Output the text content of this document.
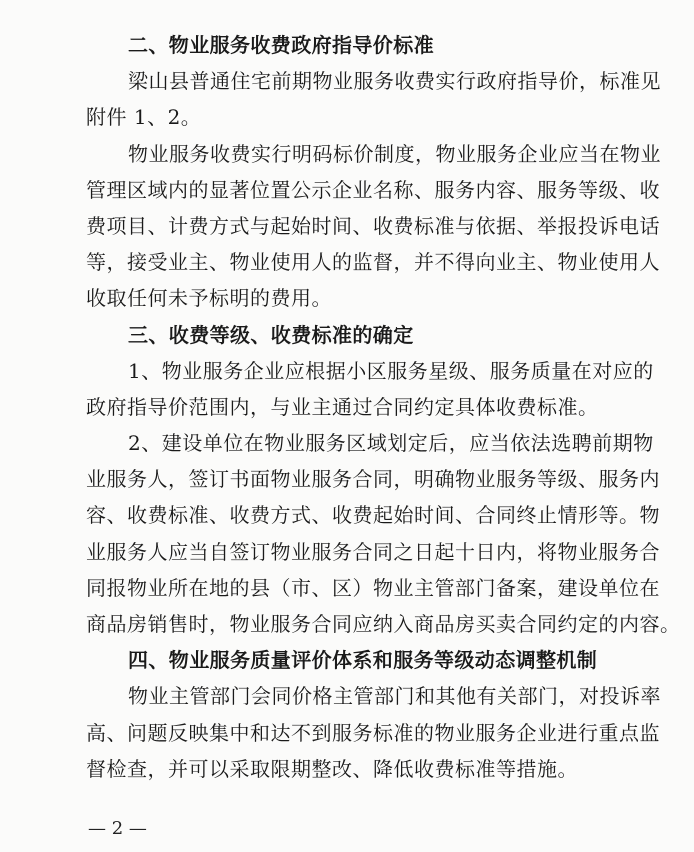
二、物业服务收费政府指导价标准
梁山县普通住宅前期物业服务收费实行政府指导价，标准见
附件 1、2。
物业服务收费实行明码标价制度，物业服务企业应当在物业
管理区域内的显著位置公示企业名称、服务内容、服务等级、收
费项目、计费方式与起始时间、收费标准与依据、举报投诉电话
等，接受业主、物业使用人的监督，并不得向业主、物业使用人
收取任何未予标明的费用。
三、收费等级、收费标准的确定
1、物业服务企业应根据小区服务星级、服务质量在对应的
政府指导价范围内，与业主通过合同约定具体收费标准。
2、建设单位在物业服务区域划定后，应当依法选聘前期物
业服务人，签订书面物业服务合同，明确物业服务等级、服务内
容、收费标准、收费方式、收费起始时间、合同终止情形等。物
业服务人应当自签订物业服务合同之日起十日内，将物业服务合
同报物业所在地的县（市、区）物业主管部门备案，建设单位在
商品房销售时，物业服务合同应纳入商品房买卖合同约定的内容。
四、物业服务质量评价体系和服务等级动态调整机制
物业主管部门会同价格主管部门和其他有关部门，对投诉率
高、问题反映集中和达不到服务标准的物业服务企业进行重点监
督检查，并可以采取限期整改、降低收费标准等措施。
— 2 —
